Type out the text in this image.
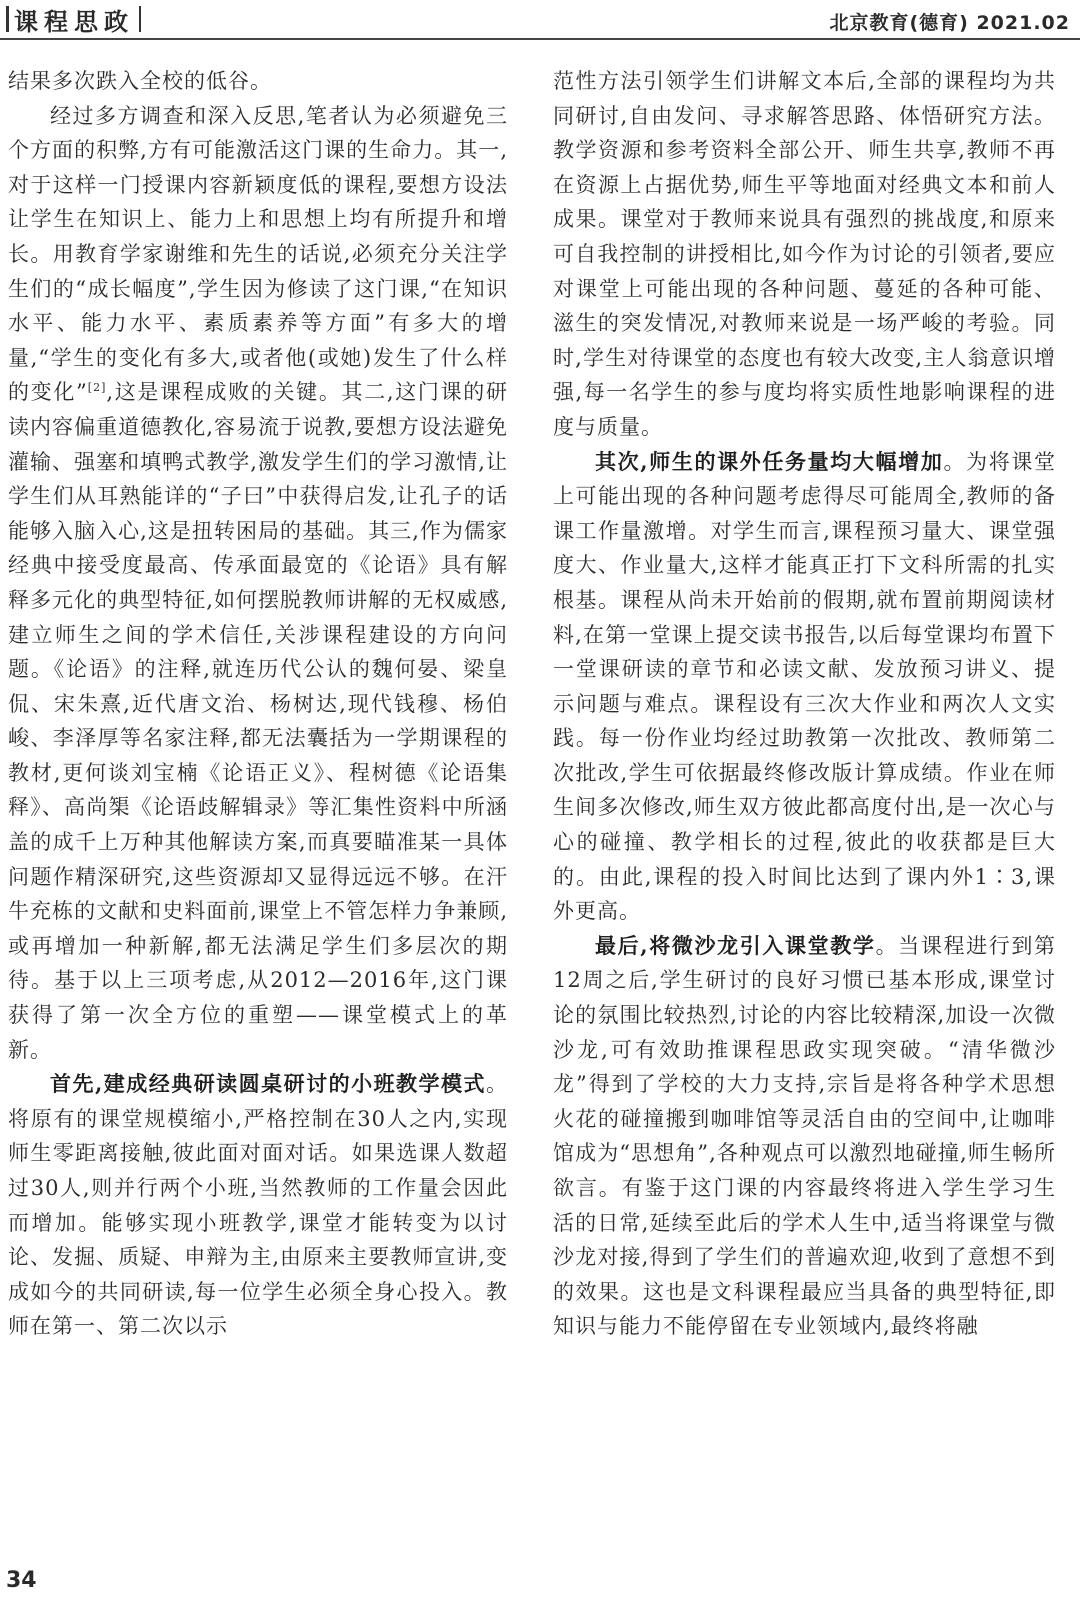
课程思政	北京教育(德育) 2021.02

结果多次跌入全校的低谷。

经过多方调查和深入反思,笔者认为必须避免三个方面的积弊,方有可能激活这门课的生命力。其一,对于这样一门授课内容新颖度低的课程,要想方设法让学生在知识上、能力上和思想上均有所提升和增长。用教育学家谢维和先生的话说,必须充分关注学生们的“成长幅度”,学生因为修读了这门课,“在知识水平、能力水平、素质素养等方面”有多大的增量,“学生的变化有多大,或者他(或她)发生了什么样的变化”[2],这是课程成败的关键。其二,这门课的研读内容偏重道德教化,容易流于说教,要想方设法避免灌输、强塞和填鸭式教学,激发学生们的学习激情,让学生们从耳熟能详的“子曰”中获得启发,让孔子的话能够入脑入心,这是扭转困局的基础。其三,作为儒家经典中接受度最高、传承面最宽的《论语》具有解释多元化的典型特征,如何摆脱教师讲解的无权威感,建立师生之间的学术信任,关涉课程建设的方向问题。《论语》的注释,就连历代公认的魏何晏、梁皇侃、宋朱熹,近代唐文治、杨树达,现代钱穆、杨伯峻、李泽厚等名家注释,都无法囊括为一学期课程的教材,更何谈刘宝楠《论语正义》、程树德《论语集释》、高尚榘《论语歧解辑录》等汇集性资料中所涵盖的成千上万种其他解读方案,而真要瞄准某一具体问题作精深研究,这些资源却又显得远远不够。在汗牛充栋的文献和史料面前,课堂上不管怎样力争兼顾,或再增加一种新解,都无法满足学生们多层次的期待。基于以上三项考虑,从2012—2016年,这门课获得了第一次全方位的重塑——课堂模式上的革新。

首先,建成经典研读圆桌研讨的小班教学模式。将原有的课堂规模缩小,严格控制在30人之内,实现师生零距离接触,彼此面对面对话。如果选课人数超过30人,则并行两个小班,当然教师的工作量会因此而增加。能够实现小班教学,课堂才能转变为以讨论、发掘、质疑、申辩为主,由原来主要教师宣讲,变成如今的共同研读,每一位学生必须全身心投入。教师在第一、第二次以示

范性方法引领学生们讲解文本后,全部的课程均为共同研讨,自由发问、寻求解答思路、体悟研究方法。教学资源和参考资料全部公开、师生共享,教师不再在资源上占据优势,师生平等地面对经典文本和前人成果。课堂对于教师来说具有强烈的挑战度,和原来可自我控制的讲授相比,如今作为讨论的引领者,要应对课堂上可能出现的各种问题、蔓延的各种可能、滋生的突发情况,对教师来说是一场严峻的考验。同时,学生对待课堂的态度也有较大改变,主人翁意识增强,每一名学生的参与度均将实质性地影响课程的进度与质量。

其次,师生的课外任务量均大幅增加。为将课堂上可能出现的各种问题考虑得尽可能周全,教师的备课工作量激增。对学生而言,课程预习量大、课堂强度大、作业量大,这样才能真正打下文科所需的扎实根基。课程从尚未开始前的假期,就布置前期阅读材料,在第一堂课上提交读书报告,以后每堂课均布置下一堂课研读的章节和必读文献、发放预习讲义、提示问题与难点。课程设有三次大作业和两次人文实践。每一份作业均经过助教第一次批改、教师第二次批改,学生可依据最终修改版计算成绩。作业在师生间多次修改,师生双方彼此都高度付出,是一次心与心的碰撞、教学相长的过程,彼此的收获都是巨大的。由此,课程的投入时间比达到了课内外1∶3,课外更高。

最后,将微沙龙引入课堂教学。当课程进行到第12周之后,学生研讨的良好习惯已基本形成,课堂讨论的氛围比较热烈,讨论的内容比较精深,加设一次微沙龙,可有效助推课程思政实现突破。“清华微沙龙”得到了学校的大力支持,宗旨是将各种学术思想火花的碰撞搬到咖啡馆等灵活自由的空间中,让咖啡馆成为“思想角”,各种观点可以激烈地碰撞,师生畅所欲言。有鉴于这门课的内容最终将进入学生学习生活的日常,延续至此后的学术人生中,适当将课堂与微沙龙对接,得到了学生们的普遍欢迎,收到了意想不到的效果。这也是文科课程最应当具备的典型特征,即知识与能力不能停留在专业领域内,最终将融

34
